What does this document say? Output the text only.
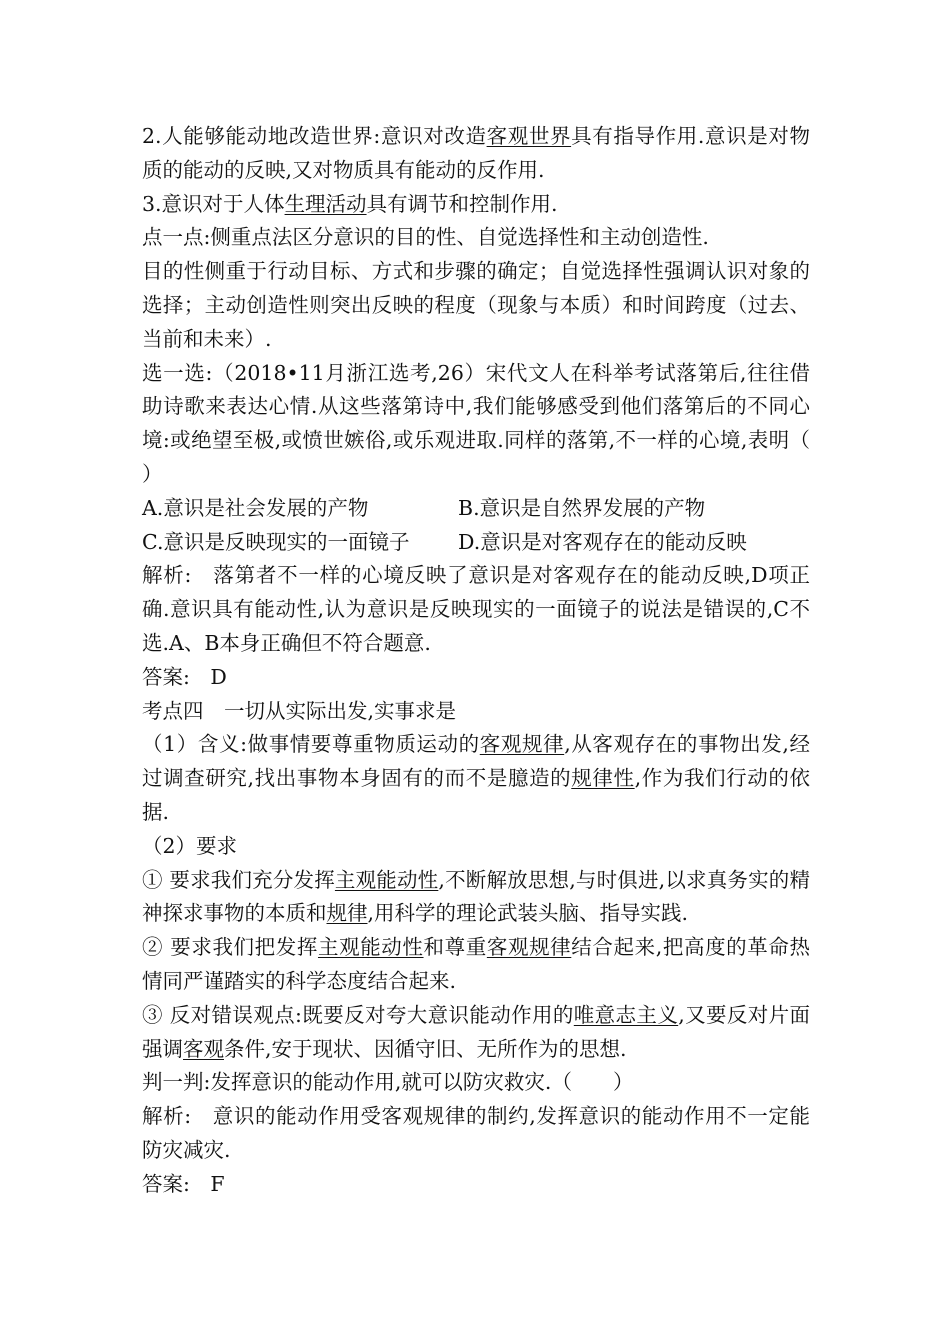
2.人能够能动地改造世界:意识对改造客观世界具有指导作用.意识是对物质的能动的反映,又对物质具有能动的反作用.

3.意识对于人体生理活动具有调节和控制作用.

点一点:侧重点法区分意识的目的性、自觉选择性和主动创造性.

目的性侧重于行动目标、方式和步骤的确定；自觉选择性强调认识对象的选择；主动创造性则突出反映的程度（现象与本质）和时间跨度（过去、当前和未来）.

选一选:（2018•11月浙江选考,26）宋代文人在科举考试落第后,往往借助诗歌来表达心情.从这些落第诗中,我们能够感受到他们落第后的不同心境:或绝望至极,或愤世嫉俗,或乐观进取.同样的落第,不一样的心境,表明（　　）

A.意识是社会发展的产物	B.意识是自然界发展的产物
C.意识是反映现实的一面镜子	D.意识是对客观存在的能动反映

解析:　落第者不一样的心境反映了意识是对客观存在的能动反映,D项正确.意识具有能动性,认为意识是反映现实的一面镜子的说法是错误的,C不选.A、B本身正确但不符合题意.

答案:　D

考点四　一切从实际出发,实事求是

（1）含义:做事情要尊重物质运动的客观规律,从客观存在的事物出发,经过调查研究,找出事物本身固有的而不是臆造的规律性,作为我们行动的依据.

（2）要求

① 要求我们充分发挥主观能动性,不断解放思想,与时俱进,以求真务实的精神探求事物的本质和规律,用科学的理论武装头脑、指导实践.

② 要求我们把发挥主观能动性和尊重客观规律结合起来,把高度的革命热情同严谨踏实的科学态度结合起来.

③ 反对错误观点:既要反对夸大意识能动作用的唯意志主义,又要反对片面强调客观条件,安于现状、因循守旧、无所作为的思想.

判一判:发挥意识的能动作用,就可以防灾救灾.（　　）

解析:　意识的能动作用受客观规律的制约,发挥意识的能动作用不一定能防灾减灾.

答案:　F
